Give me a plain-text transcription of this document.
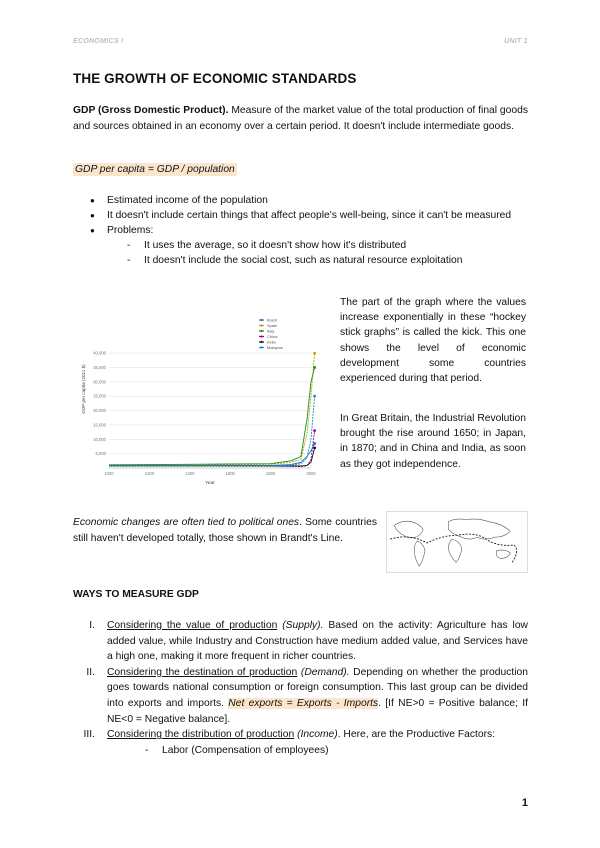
ECONOMICS I	UNIT 1
THE GROWTH OF ECONOMIC STANDARDS

GDP (Gross Domestic Product). Measure of the market value of the total production of final goods and sources obtained in an economy over a certain period. It doesn't include intermediate goods.

GDP per capita = GDP / population
● Estimated income of the population
● It doesn't include certain things that affect people's well-being, since it can't be measured
● Problems:
- It uses the average, so it doesn't show how it's distributed
- It doesn't include the social cost, such as natural resource exploitation
5,000
10,000
15,000
20,000
25,000
30,000
35,000
40,000
1000	1200	1400	1600	1800	2000
Year
GDP per capita (2011 $)
Brazil
Spain
Italy
China
India
Malaysia

The part of the graph where the values increase exponentially in these “hockey stick graphs” is called the kick. This one shows the level of economic development some countries experienced during that period.

In Great Britain, the Industrial Revolution brought the rise around 1650; in Japan, in 1870; and in China and India, as soon as they got independence.

Economic changes are often tied to political ones. Some countries still haven't developed totally, those shown in Brandt's Line.

WAYS TO MEASURE GDP
I. Considering the value of production (Supply). Based on the activity: Agriculture has low added value, while Industry and Construction have medium added value, and Services have a high one, making it more frequent in richer countries.
II. Considering the destination of production (Demand). Depending on whether the production goes towards national consumption or foreign consumption. This last group can be divided into exports and imports. Net exports = Exports - Imports. [If NE>0 = Positive balance; If NE<0 = Negative balance].
III. Considering the distribution of production (Income). Here, are the Productive Factors:
- Labor (Compensation of employees)
1
